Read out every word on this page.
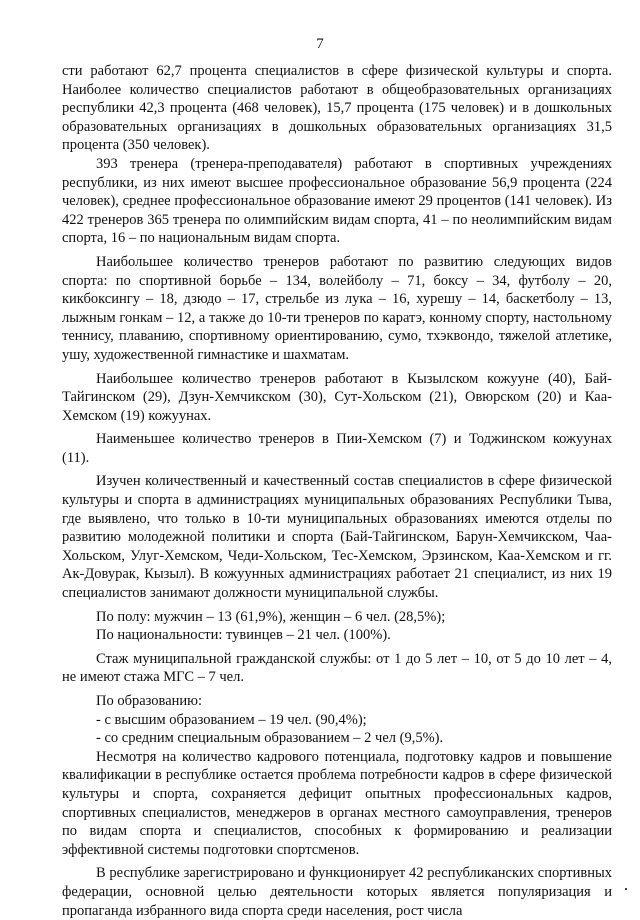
7

сти работают 62,7 процента специалистов в сфере физической культуры и спорта. Наиболее количество специалистов работают в общеобразовательных организациях республики 42,3 процента (468 человек), 15,7 процента (175 человек) и в дошкольных образовательных организациях в дошкольных образовательных организациях 31,5 процента (350 человек).

393 тренера (тренера-преподавателя) работают в спортивных учреждениях республики, из них имеют высшее профессиональное образование 56,9 процента (224 человек), среднее профессиональное образование имеют 29 процентов (141 человек). Из 422 тренеров 365 тренера по олимпийским видам спорта, 41 – по неолимпийским видам спорта, 16 – по национальным видам спорта.

Наибольшее количество тренеров работают по развитию следующих видов спорта: по спортивной борьбе – 134, волейболу – 71, боксу – 34, футболу – 20, кикбоксингу – 18, дзюдо – 17, стрельбе из лука – 16, хурешу – 14, баскетболу – 13, лыжным гонкам – 12, а также до 10-ти тренеров по каратэ, конному спорту, настольному теннису, плаванию, спортивному ориентированию, сумо, тхэквондо, тяжелой атлетике, ушу, художественной гимнастике и шахматам.

Наибольшее количество тренеров работают в Кызылском кожууне (40), Бай-Тайгинском (29), Дзун-Хемчикском (30), Сут-Хольском (21), Овюрском (20) и Каа-Хемском (19) кожуунах.

Наименьшее количество тренеров в Пии-Хемском (7) и Тоджинском кожуунах (11).

Изучен количественный и качественный состав специалистов в сфере физической культуры и спорта в администрациях муниципальных образованиях Республики Тыва, где выявлено, что только в 10-ти муниципальных образованиях имеются отделы по развитию молодежной политики и спорта (Бай-Тайгинском, Барун-Хемчикском, Чаа-Хольском, Улуг-Хемском, Чеди-Хольском, Тес-Хемском, Эрзинском, Каа-Хемском и гг. Ак-Довурак, Кызыл). В кожуунных администрациях работает 21 специалист, из них 19 специалистов занимают должности муниципальной службы.

По полу: мужчин – 13 (61,9%), женщин – 6 чел. (28,5%);

По национальности: тувинцев – 21 чел. (100%).

Стаж муниципальной гражданской службы: от 1 до 5 лет – 10, от 5 до 10 лет – 4, не имеют стажа МГС – 7 чел.

По образованию:

- с высшим образованием – 19 чел. (90,4%);

- со средним специальным образованием – 2 чел (9,5%).

Несмотря на количество кадрового потенциала, подготовку кадров и повышение квалификации в республике остается проблема потребности кадров в сфере физической культуры и спорта, сохраняется дефицит опытных профессиональных кадров, спортивных специалистов, менеджеров в органах местного самоуправления, тренеров по видам спорта и специалистов, способных к формированию и реализации эффективной системы подготовки спортсменов.

В республике зарегистрировано и функционирует 42 республиканских спортивных федерации, основной целью деятельности которых является популяризация и пропаганда избранного вида спорта среди населения, рост числа
